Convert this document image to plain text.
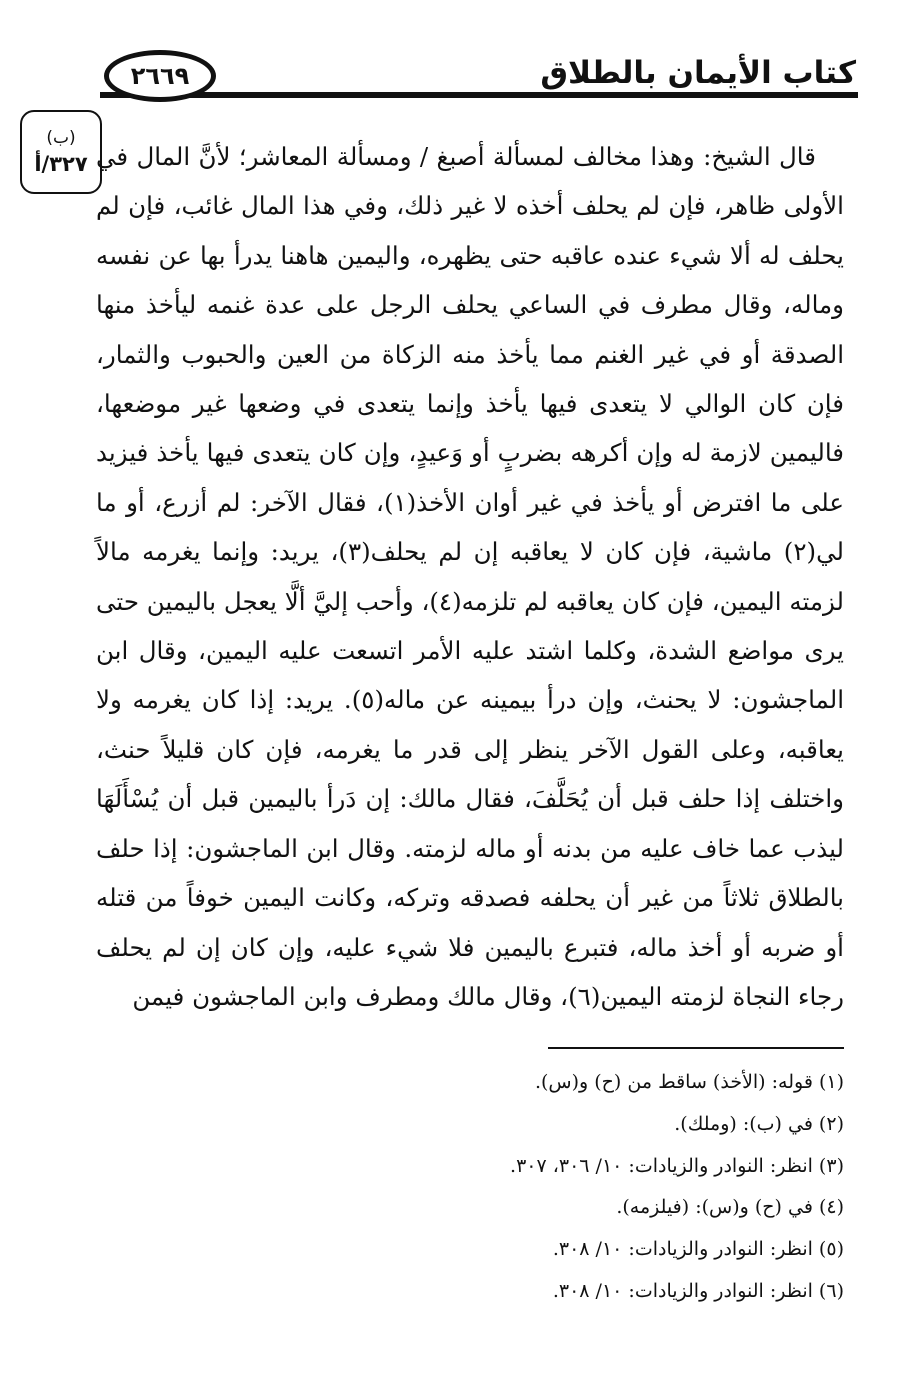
كتاب الأيمان بالطلاق
٢٦٦٩
(ب)
٣٢٧/أ قال الشيخ: وهذا مخالف لمسألة أصبغ / ومسألة المعاشر؛ لأنَّ المال في الأولى ظاهر، فإن لم يحلف أخذه لا غير ذلك، وفي هذا المال غائب، فإن لم يحلف له ألا شيء عنده عاقبه حتى يظهره، واليمين هاهنا يدرأ بها عن نفسه وماله، وقال مطرف في الساعي يحلف الرجل على عدة غنمه ليأخذ منها الصدقة أو في غير الغنم مما يأخذ منه الزكاة من العين والحبوب والثمار، فإن كان الوالي لا يتعدى فيها يأخذ وإنما يتعدى في وضعها غير موضعها، فاليمين لازمة له وإن أكرهه بضربٍ أو وَعيدٍ، وإن كان يتعدى فيها يأخذ فيزيد على ما افترض أو يأخذ في غير أوان الأخذ(١)، فقال الآخر: لم أزرع، أو ما لي(٢) ماشية، فإن كان لا يعاقبه إن لم يحلف(٣)، يريد: وإنما يغرمه مالاً لزمته اليمين، فإن كان يعاقبه لم تلزمه(٤)، وأحب إليَّ ألَّا يعجل باليمين حتى يرى مواضع الشدة، وكلما اشتد عليه الأمر اتسعت عليه اليمين، وقال ابن الماجشون: لا يحنث، وإن درأ بيمينه عن ماله(٥). يريد: إذا كان يغرمه ولا يعاقبه، وعلى القول الآخر ينظر إلى قدر ما يغرمه، فإن كان قليلاً حنث، واختلف إذا حلف قبل أن يُحَلَّفَ، فقال مالك: إن دَرأ باليمين قبل أن يُسْأَلَهَا ليذب عما خاف عليه من بدنه أو ماله لزمته. وقال ابن الماجشون: إذا حلف بالطلاق ثلاثاً من غير أن يحلفه فصدقه وتركه، وكانت اليمين خوفاً من قتله أو ضربه أو أخذ ماله، فتبرع باليمين فلا شيء عليه، وإن كان إن لم يحلف رجاء النجاة لزمته اليمين(٦)، وقال مالك ومطرف وابن الماجشون فيمن

(١) قوله: (الأخذ) ساقط من (ح) و(س).
(٢) في (ب): (وملك).
(٣) انظر: النوادر والزيادات: ١٠/ ٣٠٦، ٣٠٧.
(٤) في (ح) و(س): (فيلزمه).
(٥) انظر: النوادر والزيادات: ١٠/ ٣٠٨.
(٦) انظر: النوادر والزيادات: ١٠/ ٣٠٨.
